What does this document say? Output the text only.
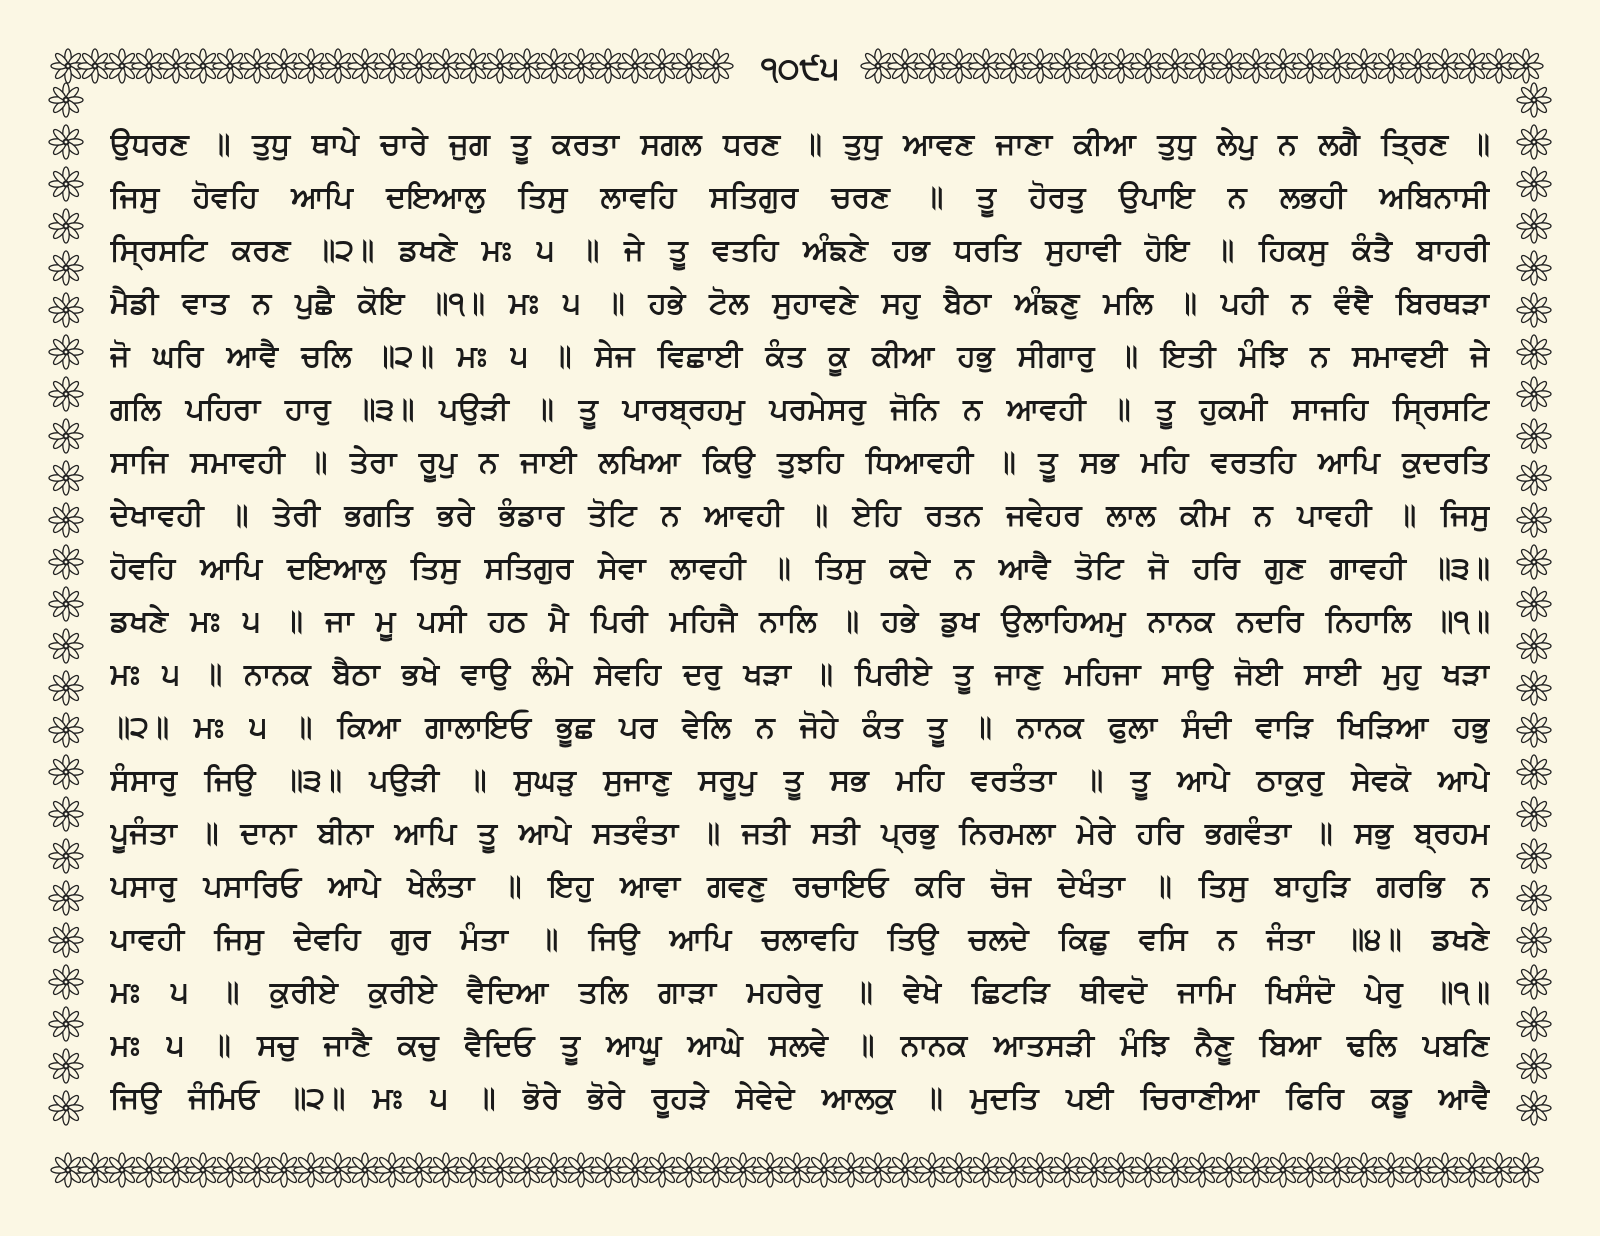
੧੦੯੫
ਉਧਰਣ ॥ ਤੁਧੁ ਥਾਪੇ ਚਾਰੇ ਜੁਗ ਤੂ ਕਰਤਾ ਸਗਲ ਧਰਣ ॥ ਤੁਧੁ ਆਵਣ ਜਾਣਾ ਕੀਆ ਤੁਧੁ ਲੇਪੁ ਨ ਲਗੈ ਤ੍ਰਿਣ ॥
ਜਿਸੁ ਹੋਵਹਿ ਆਪਿ ਦਇਆਲੁ ਤਿਸੁ ਲਾਵਹਿ ਸਤਿਗੁਰ ਚਰਣ ॥ ਤੂ ਹੋਰਤੁ ਉਪਾਇ ਨ ਲਭਹੀ ਅਬਿਨਾਸੀ
ਸ੍ਰਿਸਟਿ ਕਰਣ ॥੨॥ ਡਖਣੇ ਮਃ ੫ ॥ ਜੇ ਤੂ ਵਤਹਿ ਅੰਙਣੇ ਹਭ ਧਰਤਿ ਸੁਹਾਵੀ ਹੋਇ ॥ ਹਿਕਸੁ ਕੰਤੈ ਬਾਹਰੀ
ਮੈਡੀ ਵਾਤ ਨ ਪੁਛੈ ਕੋਇ ॥੧॥ ਮਃ ੫ ॥ ਹਭੇ ਟੋਲ ਸੁਹਾਵਣੇ ਸਹੁ ਬੈਠਾ ਅੰਙਣੁ ਮਲਿ ॥ ਪਹੀ ਨ ਵੰਞੈ ਬਿਰਥੜਾ
ਜੋ ਘਰਿ ਆਵੈ ਚਲਿ ॥੨॥ ਮਃ ੫ ॥ ਸੇਜ ਵਿਛਾਈ ਕੰਤ ਕੂ ਕੀਆ ਹਭੁ ਸੀਗਾਰੁ ॥ ਇਤੀ ਮੰਝਿ ਨ ਸਮਾਵਈ ਜੇ
ਗਲਿ ਪਹਿਰਾ ਹਾਰੁ ॥੩॥ ਪਉੜੀ ॥ ਤੂ ਪਾਰਬ੍ਰਹਮੁ ਪਰਮੇਸਰੁ ਜੋਨਿ ਨ ਆਵਹੀ ॥ ਤੂ ਹੁਕਮੀ ਸਾਜਹਿ ਸ੍ਰਿਸਟਿ
ਸਾਜਿ ਸਮਾਵਹੀ ॥ ਤੇਰਾ ਰੂਪੁ ਨ ਜਾਈ ਲਖਿਆ ਕਿਉ ਤੁਝਹਿ ਧਿਆਵਹੀ ॥ ਤੂ ਸਭ ਮਹਿ ਵਰਤਹਿ ਆਪਿ ਕੁਦਰਤਿ
ਦੇਖਾਵਹੀ ॥ ਤੇਰੀ ਭਗਤਿ ਭਰੇ ਭੰਡਾਰ ਤੋਟਿ ਨ ਆਵਹੀ ॥ ਏਹਿ ਰਤਨ ਜਵੇਹਰ ਲਾਲ ਕੀਮ ਨ ਪਾਵਹੀ ॥ ਜਿਸੁ
ਹੋਵਹਿ ਆਪਿ ਦਇਆਲੁ ਤਿਸੁ ਸਤਿਗੁਰ ਸੇਵਾ ਲਾਵਹੀ ॥ ਤਿਸੁ ਕਦੇ ਨ ਆਵੈ ਤੋਟਿ ਜੋ ਹਰਿ ਗੁਣ ਗਾਵਹੀ ॥੩॥
ਡਖਣੇ ਮਃ ੫ ॥ ਜਾ ਮੂ ਪਸੀ ਹਠ ਮੈ ਪਿਰੀ ਮਹਿਜੈ ਨਾਲਿ ॥ ਹਭੇ ਡੁਖ ਉਲਾਹਿਅਮੁ ਨਾਨਕ ਨਦਰਿ ਨਿਹਾਲਿ ॥੧॥
ਮਃ ੫ ॥ ਨਾਨਕ ਬੈਠਾ ਭਖੇ ਵਾਉ ਲੰਮੇ ਸੇਵਹਿ ਦਰੁ ਖੜਾ ॥ ਪਿਰੀਏ ਤੂ ਜਾਣੁ ਮਹਿਜਾ ਸਾਉ ਜੋਈ ਸਾਈ ਮੁਹੁ ਖੜਾ
॥੨॥ ਮਃ ੫ ॥ ਕਿਆ ਗਾਲਾਇਓ ਭੂਛ ਪਰ ਵੇਲਿ ਨ ਜੋਹੇ ਕੰਤ ਤੂ ॥ ਨਾਨਕ ਫੁਲਾ ਸੰਦੀ ਵਾੜਿ ਖਿੜਿਆ ਹਭੁ
ਸੰਸਾਰੁ ਜਿਉ ॥੩॥ ਪਉੜੀ ॥ ਸੁਘੜੁ ਸੁਜਾਣੁ ਸਰੂਪੁ ਤੂ ਸਭ ਮਹਿ ਵਰਤੰਤਾ ॥ ਤੂ ਆਪੇ ਠਾਕੁਰੁ ਸੇਵਕੋ ਆਪੇ
ਪੂਜੰਤਾ ॥ ਦਾਨਾ ਬੀਨਾ ਆਪਿ ਤੂ ਆਪੇ ਸਤਵੰਤਾ ॥ ਜਤੀ ਸਤੀ ਪ੍ਰਭੁ ਨਿਰਮਲਾ ਮੇਰੇ ਹਰਿ ਭਗਵੰਤਾ ॥ ਸਭੁ ਬ੍ਰਹਮ
ਪਸਾਰੁ ਪਸਾਰਿਓ ਆਪੇ ਖੇਲੰਤਾ ॥ ਇਹੁ ਆਵਾ ਗਵਣੁ ਰਚਾਇਓ ਕਰਿ ਚੋਜ ਦੇਖੰਤਾ ॥ ਤਿਸੁ ਬਾਹੁੜਿ ਗਰਭਿ ਨ
ਪਾਵਹੀ ਜਿਸੁ ਦੇਵਹਿ ਗੁਰ ਮੰਤਾ ॥ ਜਿਉ ਆਪਿ ਚਲਾਵਹਿ ਤਿਉ ਚਲਦੇ ਕਿਛੁ ਵਸਿ ਨ ਜੰਤਾ ॥੪॥ ਡਖਣੇ
ਮਃ ੫ ॥ ਕੁਰੀਏ ਕੁਰੀਏ ਵੈਦਿਆ ਤਲਿ ਗਾੜਾ ਮਹਰੇਰੁ ॥ ਵੇਖੇ ਛਿਟੜਿ ਥੀਵਦੋ ਜਾਮਿ ਖਿਸੰਦੋ ਪੇਰੁ ॥੧॥
ਮਃ ੫ ॥ ਸਚੁ ਜਾਣੈ ਕਚੁ ਵੈਦਿਓ ਤੂ ਆਘੂ ਆਘੇ ਸਲਵੇ ॥ ਨਾਨਕ ਆਤਸੜੀ ਮੰਝਿ ਨੈਣੂ ਬਿਆ ਢਲਿ ਪਬਣਿ
ਜਿਉ ਜੰਮਿਓ ॥੨॥ ਮਃ ੫ ॥ ਭੋਰੇ ਭੋਰੇ ਰੂਹੜੇ ਸੇਵੇਦੇ ਆਲਕੁ ॥ ਮੁਦਤਿ ਪਈ ਚਿਰਾਣੀਆ ਫਿਰਿ ਕਡੂ ਆਵੈ
